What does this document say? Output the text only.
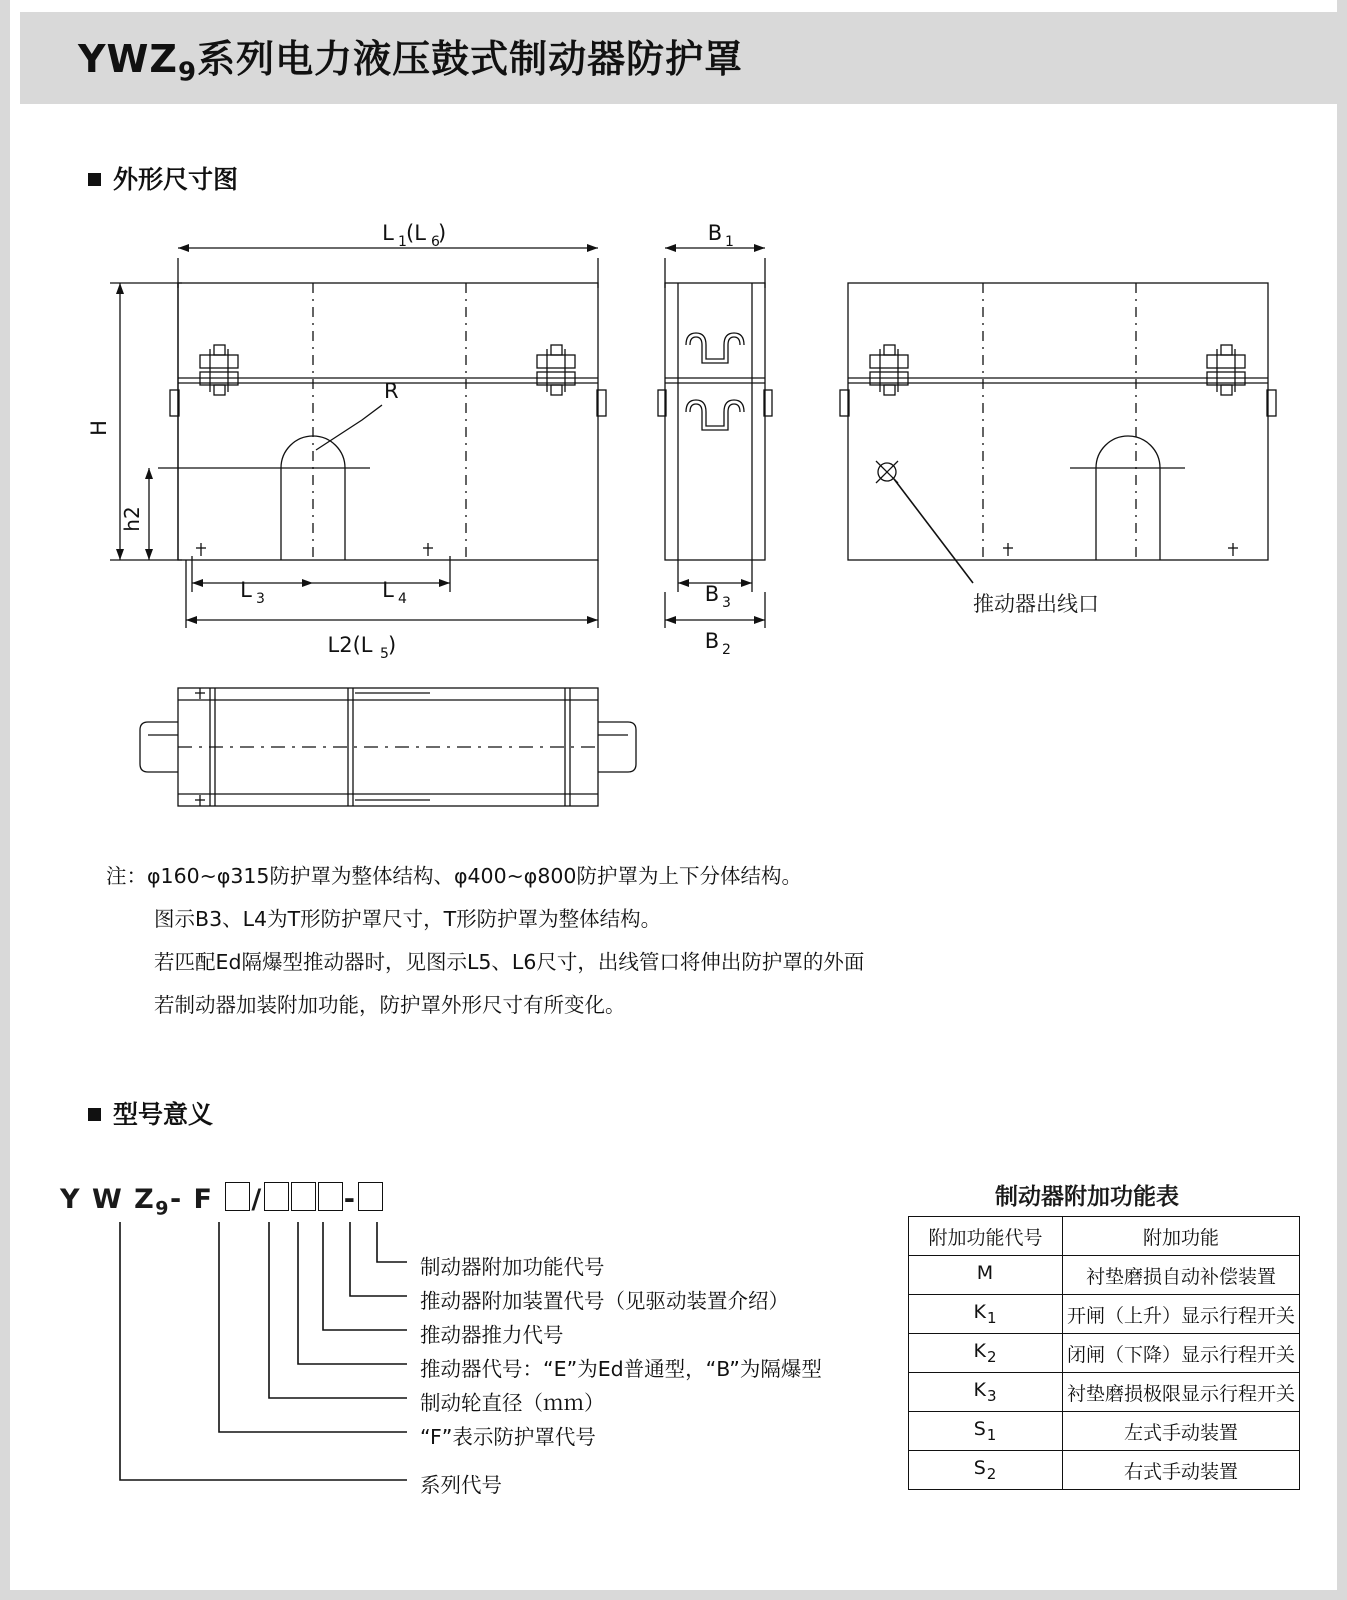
$YWZ_9$系列电力液压鼓式制动器防护罩
外形尺寸图
L 1 (L 6
)	B 1
H
h2
R
L 3	L 4
L2(L 5 )
B 3
B 2
推动器出线口
注：φ160~φ315防护罩为整体结构、φ400~φ800防护罩为上下分体结构。
图示B3、L4为T形防护罩尺寸，T形防护罩为整体结构。
若匹配Ed隔爆型推动器时，见图示L5、L6尺寸，出线管口将伸出防护罩的外面
若制动器加装附加功能，防护罩外形尺寸有所变化。
型号意义
Y W $Z_9-$ F /	-
制动器附加功能代号
推动器附加装置代号（见驱动装置介绍）
推动器推力代号
推动器代号：“E”为Ed普通型，“B”为隔爆型
制动轮直径（ｍｍ）
“F”表示防护罩代号
系列代号
制动器附加功能表
附加功能代号	附加功能
M	衬垫磨损自动补偿装置
$K_1$	开闸（上升）显示行程开关
$K_2$	闭闸（下降）显示行程开关
$K_3$	衬垫磨损极限显示行程开关
$S_1$	左式手动装置
$S_2$	右式手动装置
